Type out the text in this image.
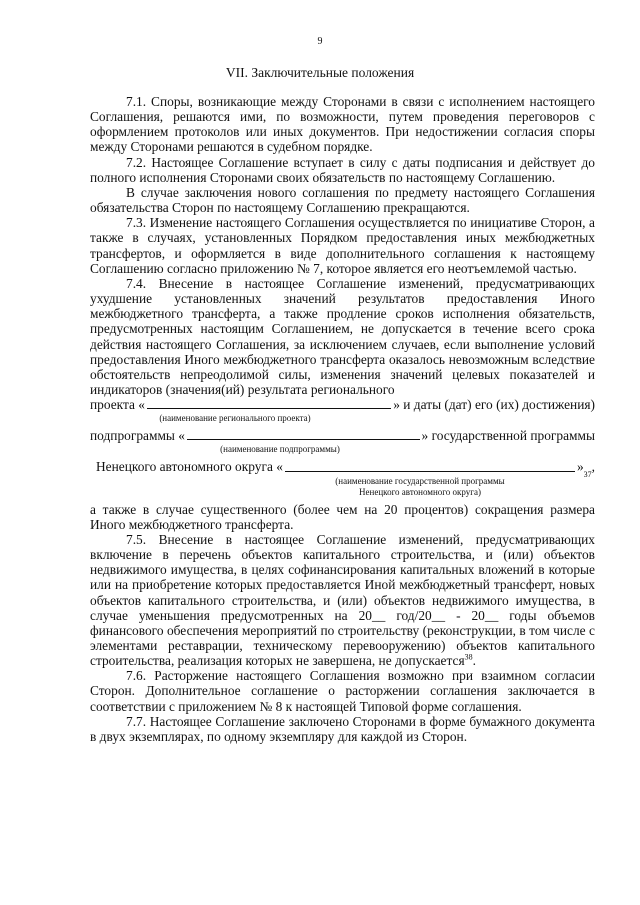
9
VII. Заключительные положения

7.1. Споры, возникающие между Сторонами в связи с исполнением настоящего Соглашения, решаются ими, по возможности, путем проведения переговоров с оформлением протоколов или иных документов. При недостижении согласия споры между Сторонами решаются в судебном порядке.

7.2. Настоящее Соглашение вступает в силу с даты подписания и действует до полного исполнения Сторонами своих обязательств по настоящему Соглашению.

В случае заключения нового соглашения по предмету настоящего Соглашения обязательства Сторон по настоящему Соглашению прекращаются.

7.3. Изменение настоящего Соглашения осуществляется по инициативе Сторон, а также в случаях, установленных Порядком предоставления иных межбюджетных трансфертов, и оформляется в виде дополнительного соглашения к настоящему Соглашению согласно приложению № 7, которое является его неотъемлемой частью.

7.4. Внесение в настоящее Соглашение изменений, предусматривающих ухудшение установленных значений результатов предоставления Иного межбюджетного трансферта, а также продление сроков исполнения обязательств, предусмотренных настоящим Соглашением, не допускается в течение всего срока действия настоящего Соглашения, за исключением случаев, если выполнение условий предоставления Иного межбюджетного трансферта оказалось невозможным вследствие обстоятельств непреодолимой силы, изменения значений целевых показателей и индикаторов (значения(ий) результата регионального

проекта «	» и даты (дат) его (их) достижения)

(наименование регионального проекта)

подпрограммы «	» государственной программы

(наименование подпрограммы)

Ненецкого автономного округа «	» 37 ,

(наименование государственной программы

Ненецкого автономного округа)

а также в случае существенного (более чем на 20 процентов) сокращения размера Иного межбюджетного трансферта.

7.5. Внесение в настоящее Соглашение изменений, предусматривающих включение в перечень объектов капитального строительства, и (или) объектов недвижимого имущества, в целях софинансирования капитальных вложений в которые или на приобретение которых предоставляется Иной межбюджетный трансферт, новых объектов капитального строительства, и (или) объектов недвижимого имущества, в случае уменьшения предусмотренных на 20__ год/20__ - 20__ годы объемов финансового обеспечения мероприятий по строительству (реконструкции, в том числе с элементами реставрации, техническому перевооружению) объектов капитального строительства, реализация которых не завершена, не допускается$^{38}$.

7.6. Расторжение настоящего Соглашения возможно при взаимном согласии Сторон. Дополнительное соглашение о расторжении соглашения заключается в соответствии с приложением № 8 к настоящей Типовой форме соглашения.

7.7. Настоящее Соглашение заключено Сторонами в форме бумажного документа в двух экземплярах, по одному экземпляру для каждой из Сторон.
